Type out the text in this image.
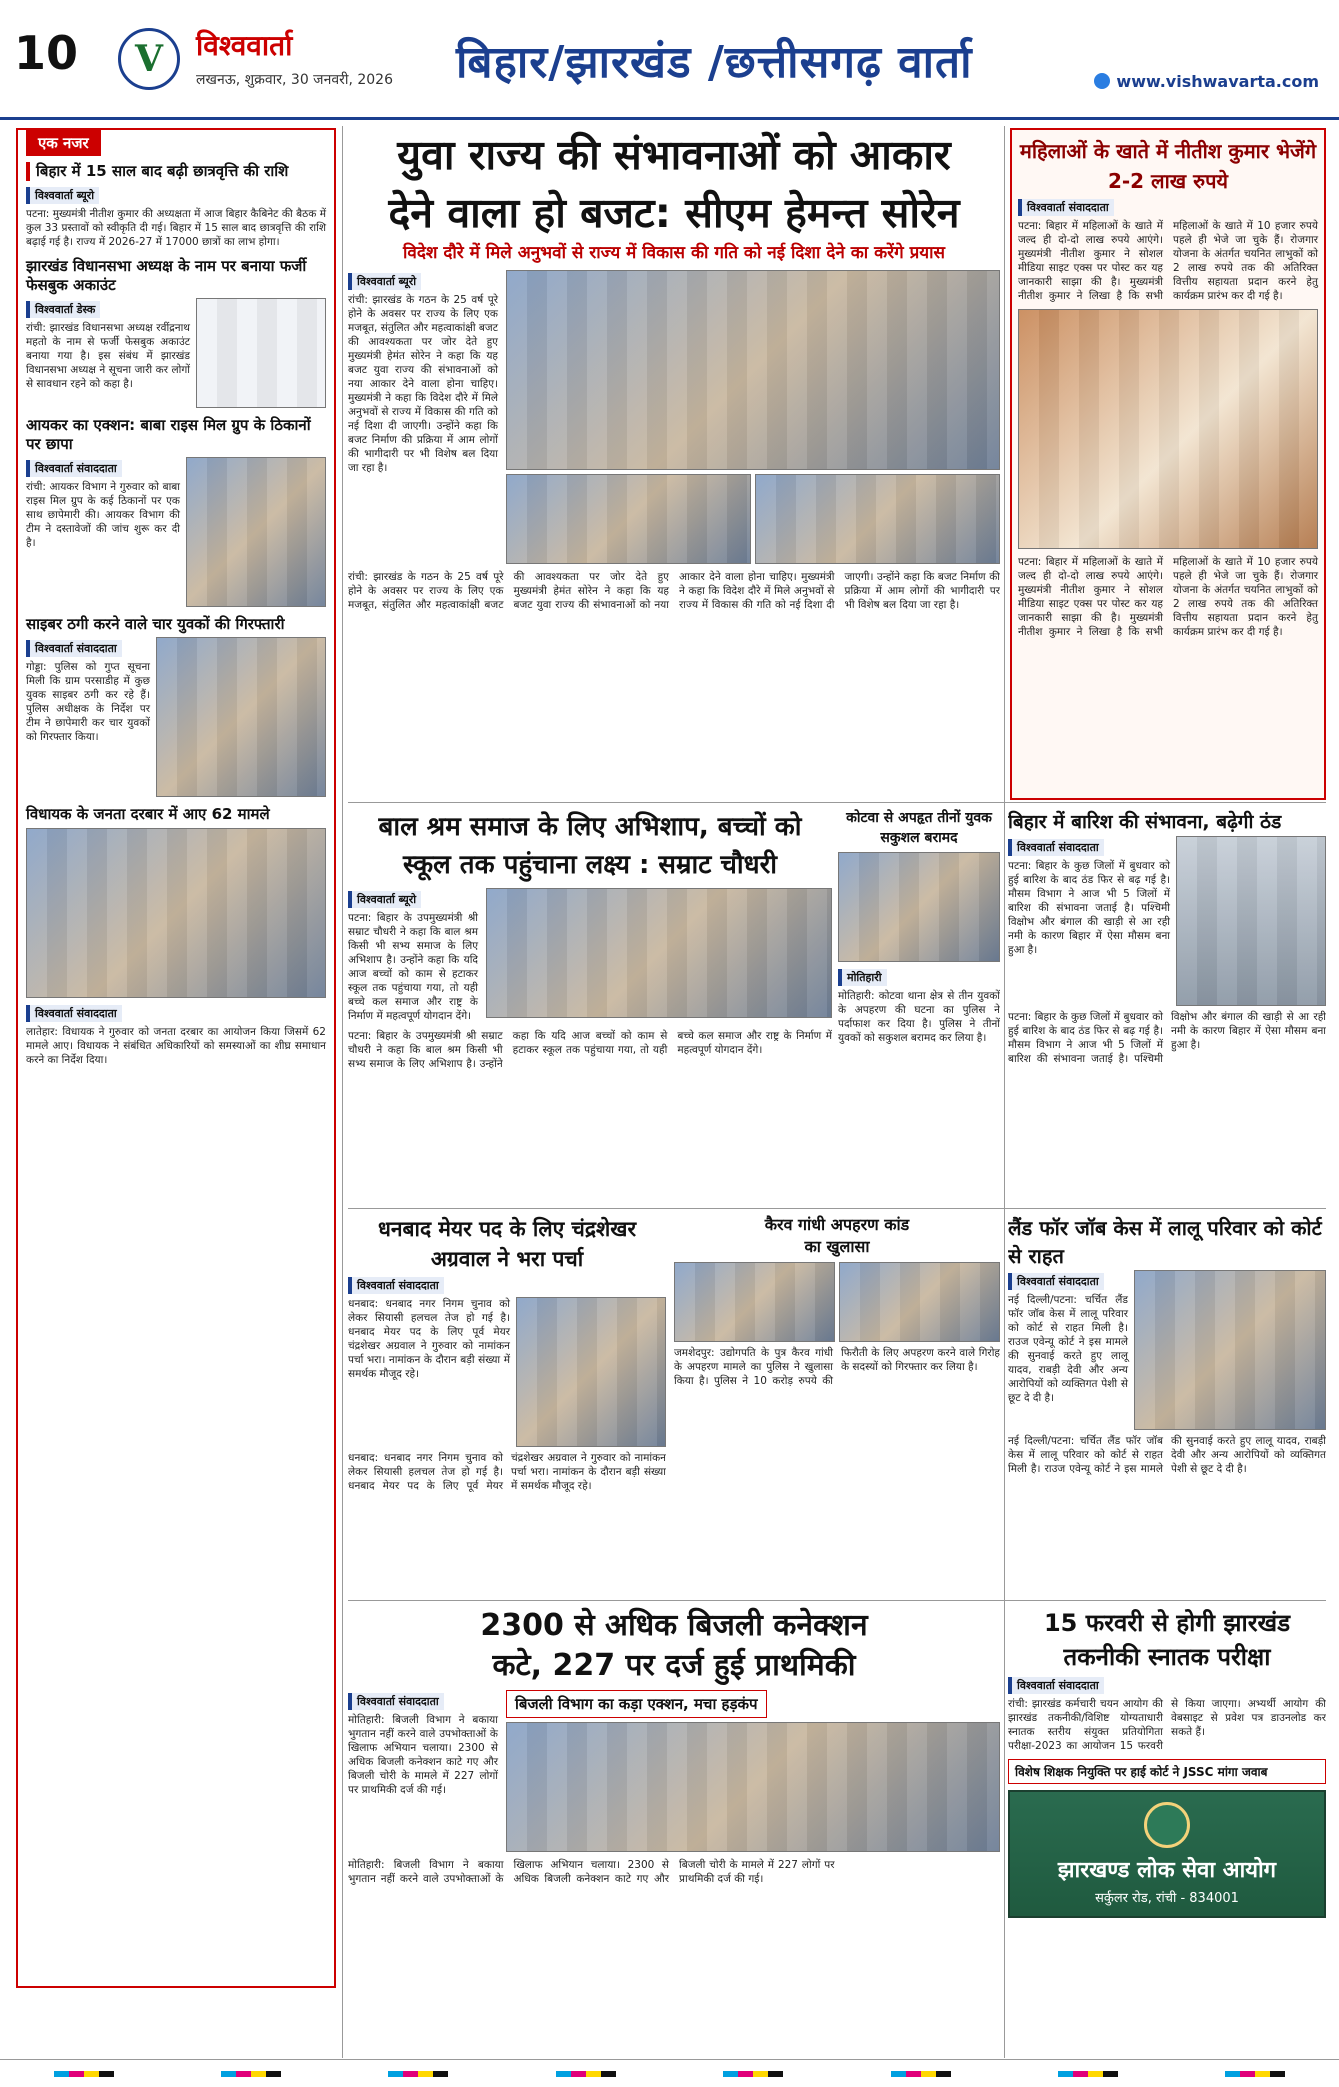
10 V विश्ववार्ता
लखनऊ, शुक्रवार, 30 जनवरी, 2026 बिहार/झारखंड /छत्तीसगढ़ वार्ता	www.vishwavarta.com
एक नजर
बिहार में 15 साल बाद बढ़ी छात्रवृत्ति की राशि
विश्ववार्ता ब्यूरो
पटना: मुख्यमंत्री नीतीश कुमार की अध्यक्षता में आज बिहार कैबिनेट की बैठक में कुल 33 प्रस्तावों को स्वीकृति दी गई। बिहार में 15 साल बाद छात्रवृत्ति की राशि बढ़ाई गई है। राज्य में 2026-27 में 17000 छात्रों का लाभ होगा।
झारखंड विधानसभा अध्यक्ष के नाम पर बनाया फर्जी फेसबुक अकाउंट
विश्ववार्ता डेस्क
रांची: झारखंड विधानसभा अध्यक्ष रवींद्रनाथ महतो के नाम से फर्जी फेसबुक अकाउंट बनाया गया है। इस संबंध में झारखंड विधानसभा अध्यक्ष ने सूचना जारी कर लोगों से सावधान रहने को कहा है।
आयकर का एक्शन: बाबा राइस मिल ग्रुप के ठिकानों पर छापा
विश्ववार्ता संवाददाता
रांची: आयकर विभाग ने गुरुवार को बाबा राइस मिल ग्रुप के कई ठिकानों पर एक साथ छापेमारी की। आयकर विभाग की टीम ने दस्तावेजों की जांच शुरू कर दी है।
साइबर ठगी करने वाले चार युवकों की गिरफ्तारी
विश्ववार्ता संवाददाता
गोड्डा: पुलिस को गुप्त सूचना मिली कि ग्राम परसाडीह में कुछ युवक साइबर ठगी कर रहे हैं। पुलिस अधीक्षक के निर्देश पर टीम ने छापेमारी कर चार युवकों को गिरफ्तार किया।
विधायक के जनता दरबार में आए 62 मामले
विश्ववार्ता संवाददाता
लातेहार: विधायक ने गुरुवार को जनता दरबार का आयोजन किया जिसमें 62 मामले आए। विधायक ने संबंधित अधिकारियों को समस्याओं का शीघ्र समाधान करने का निर्देश दिया।
युवा राज्य की संभावनाओं को आकार
देने वाला हो बजट: सीएम हेमन्त सोरेन
विदेश दौरे में मिले अनुभवों से राज्य में विकास की गति को नई दिशा देने का करेंगे प्रयास
विश्ववार्ता ब्यूरो
रांची: झारखंड के गठन के 25 वर्ष पूरे होने के अवसर पर राज्य के लिए एक मजबूत, संतुलित और महत्वाकांक्षी बजट की आवश्यकता पर जोर देते हुए मुख्यमंत्री हेमंत सोरेन ने कहा कि यह बजट युवा राज्य की संभावनाओं को नया आकार देने वाला होना चाहिए। मुख्यमंत्री ने कहा कि विदेश दौरे में मिले अनुभवों से राज्य में विकास की गति को नई दिशा दी जाएगी। उन्होंने कहा कि बजट निर्माण की प्रक्रिया में आम लोगों की भागीदारी पर भी विशेष बल दिया जा रहा है।
रांची: झारखंड के गठन के 25 वर्ष पूरे होने के अवसर पर राज्य के लिए एक मजबूत, संतुलित और महत्वाकांक्षी बजट की आवश्यकता पर जोर देते हुए मुख्यमंत्री हेमंत सोरेन ने कहा कि यह बजट युवा राज्य की संभावनाओं को नया आकार देने वाला होना चाहिए। मुख्यमंत्री ने कहा कि विदेश दौरे में मिले अनुभवों से राज्य में विकास की गति को नई दिशा दी जाएगी। उन्होंने कहा कि बजट निर्माण की प्रक्रिया में आम लोगों की भागीदारी पर भी विशेष बल दिया जा रहा है।
महिलाओं के खाते में नीतीश कुमार भेजेंगे 2-2 लाख रुपये
विश्ववार्ता संवाददाता
पटना: बिहार में महिलाओं के खाते में जल्द ही दो-दो लाख रुपये आएंगे। मुख्यमंत्री नीतीश कुमार ने सोशल मीडिया साइट एक्स पर पोस्ट कर यह जानकारी साझा की है। मुख्यमंत्री नीतीश कुमार ने लिखा है कि सभी महिलाओं के खाते में 10 हजार रुपये पहले ही भेजे जा चुके हैं। रोजगार योजना के अंतर्गत चयनित लाभुकों को 2 लाख रुपये तक की अतिरिक्त वित्तीय सहायता प्रदान करने हेतु कार्यक्रम प्रारंभ कर दी गई है।
पटना: बिहार में महिलाओं के खाते में जल्द ही दो-दो लाख रुपये आएंगे। मुख्यमंत्री नीतीश कुमार ने सोशल मीडिया साइट एक्स पर पोस्ट कर यह जानकारी साझा की है। मुख्यमंत्री नीतीश कुमार ने लिखा है कि सभी महिलाओं के खाते में 10 हजार रुपये पहले ही भेजे जा चुके हैं। रोजगार योजना के अंतर्गत चयनित लाभुकों को 2 लाख रुपये तक की अतिरिक्त वित्तीय सहायता प्रदान करने हेतु कार्यक्रम प्रारंभ कर दी गई है।
बाल श्रम समाज के लिए अभिशाप, बच्चों को
स्कूल तक पहुंचाना लक्ष्य : सम्राट चौधरी
विश्ववार्ता ब्यूरो
पटना: बिहार के उपमुख्यमंत्री श्री सम्राट चौधरी ने कहा कि बाल श्रम किसी भी सभ्य समाज के लिए अभिशाप है। उन्होंने कहा कि यदि आज बच्चों को काम से हटाकर स्कूल तक पहुंचाया गया, तो यही बच्चे कल समाज और राष्ट्र के निर्माण में महत्वपूर्ण योगदान देंगे।
पटना: बिहार के उपमुख्यमंत्री श्री सम्राट चौधरी ने कहा कि बाल श्रम किसी भी सभ्य समाज के लिए अभिशाप है। उन्होंने कहा कि यदि आज बच्चों को काम से हटाकर स्कूल तक पहुंचाया गया, तो यही बच्चे कल समाज और राष्ट्र के निर्माण में महत्वपूर्ण योगदान देंगे।
कोटवा से अपहृत तीनों युवक सकुशल बरामद
मोतिहारी
मोतिहारी: कोटवा थाना क्षेत्र से तीन युवकों के अपहरण की घटना का पुलिस ने पर्दाफाश कर दिया है। पुलिस ने तीनों युवकों को सकुशल बरामद कर लिया है।
बिहार में बारिश की संभावना, बढ़ेगी ठंड
विश्ववार्ता संवाददाता
पटना: बिहार के कुछ जिलों में बुधवार को हुई बारिश के बाद ठंड फिर से बढ़ गई है। मौसम विभाग ने आज भी 5 जिलों में बारिश की संभावना जताई है। पश्चिमी विक्षोभ और बंगाल की खाड़ी से आ रही नमी के कारण बिहार में ऐसा मौसम बना हुआ है।
पटना: बिहार के कुछ जिलों में बुधवार को हुई बारिश के बाद ठंड फिर से बढ़ गई है। मौसम विभाग ने आज भी 5 जिलों में बारिश की संभावना जताई है। पश्चिमी विक्षोभ और बंगाल की खाड़ी से आ रही नमी के कारण बिहार में ऐसा मौसम बना हुआ है।
धनबाद मेयर पद के लिए चंद्रशेखर
अग्रवाल ने भरा पर्चा
विश्ववार्ता संवाददाता
धनबाद: धनबाद नगर निगम चुनाव को लेकर सियासी हलचल तेज हो गई है। धनबाद मेयर पद के लिए पूर्व मेयर चंद्रशेखर अग्रवाल ने गुरुवार को नामांकन पर्चा भरा। नामांकन के दौरान बड़ी संख्या में समर्थक मौजूद रहे।
धनबाद: धनबाद नगर निगम चुनाव को लेकर सियासी हलचल तेज हो गई है। धनबाद मेयर पद के लिए पूर्व मेयर चंद्रशेखर अग्रवाल ने गुरुवार को नामांकन पर्चा भरा। नामांकन के दौरान बड़ी संख्या में समर्थक मौजूद रहे।
कैरव गांधी अपहरण कांड
का खुलासा
जमशेदपुर: उद्योगपति के पुत्र कैरव गांधी के अपहरण मामले का पुलिस ने खुलासा किया है। पुलिस ने 10 करोड़ रुपये की फिरौती के लिए अपहरण करने वाले गिरोह के सदस्यों को गिरफ्तार कर लिया है।
लैंड फॉर जॉब केस में लालू परिवार को कोर्ट से राहत
विश्ववार्ता संवाददाता
नई दिल्ली/पटना: चर्चित लैंड फॉर जॉब केस में लालू परिवार को कोर्ट से राहत मिली है। राउज एवेन्यू कोर्ट ने इस मामले की सुनवाई करते हुए लालू यादव, राबड़ी देवी और अन्य आरोपियों को व्यक्तिगत पेशी से छूट दे दी है।
नई दिल्ली/पटना: चर्चित लैंड फॉर जॉब केस में लालू परिवार को कोर्ट से राहत मिली है। राउज एवेन्यू कोर्ट ने इस मामले की सुनवाई करते हुए लालू यादव, राबड़ी देवी और अन्य आरोपियों को व्यक्तिगत पेशी से छूट दे दी है।
2300 से अधिक बिजली कनेक्शन
कटे, 227 पर दर्ज हुई प्राथमिकी
विश्ववार्ता संवाददाता
मोतिहारी: बिजली विभाग ने बकाया भुगतान नहीं करने वाले उपभोक्ताओं के खिलाफ अभियान चलाया। 2300 से अधिक बिजली कनेक्शन काटे गए और बिजली चोरी के मामले में 227 लोगों पर प्राथमिकी दर्ज की गई।
बिजली विभाग का कड़ा एक्शन, मचा हड़कंप
मोतिहारी: बिजली विभाग ने बकाया भुगतान नहीं करने वाले उपभोक्ताओं के खिलाफ अभियान चलाया। 2300 से अधिक बिजली कनेक्शन काटे गए और बिजली चोरी के मामले में 227 लोगों पर प्राथमिकी दर्ज की गई।
15 फरवरी से होगी झारखंड
तकनीकी स्नातक परीक्षा
विश्ववार्ता संवाददाता
रांची: झारखंड कर्मचारी चयन आयोग की झारखंड तकनीकी/विशिष्ट योग्यताधारी स्नातक स्तरीय संयुक्त प्रतियोगिता परीक्षा-2023 का आयोजन 15 फरवरी से किया जाएगा। अभ्यर्थी आयोग की वेबसाइट से प्रवेश पत्र डाउनलोड कर सकते हैं।
विशेष शिक्षक नियुक्ति पर हाई कोर्ट ने JSSC मांगा जवाब
झारखण्ड लोक सेवा आयोग
सर्कुलर रोड, रांची - 834001
